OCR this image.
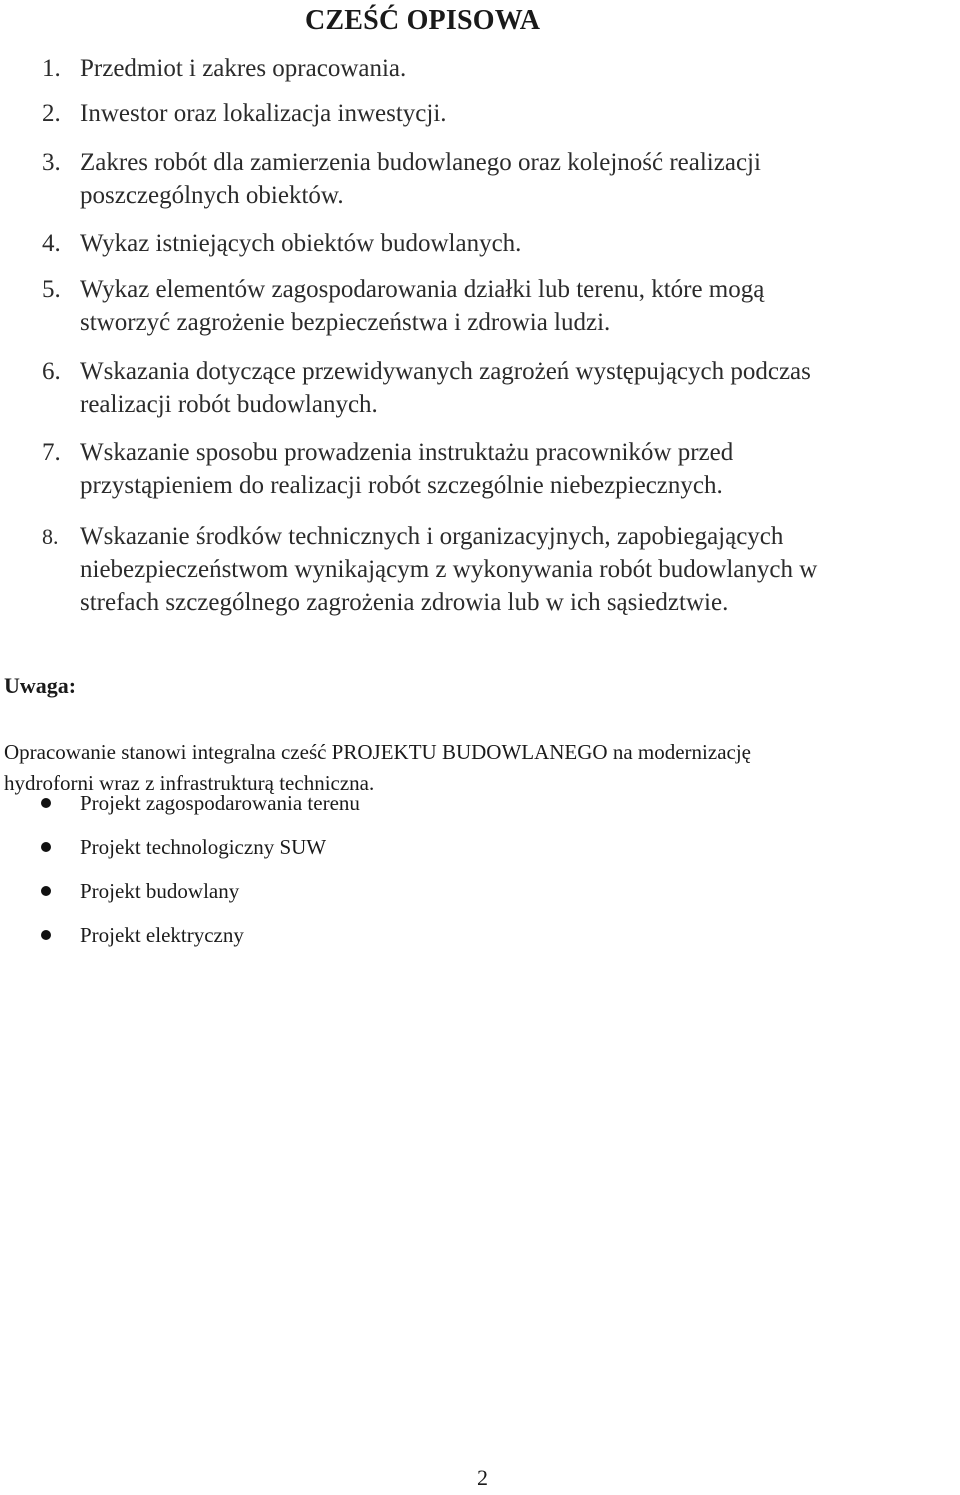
CZEŚĆ OPISOWA
1. Przedmiot i zakres opracowania.
2. Inwestor oraz lokalizacja inwestycji.
3. Zakres robót dla zamierzenia budowlanego oraz kolejność realizacji
poszczególnych obiektów.
4. Wykaz istniejących obiektów budowlanych.
5. Wykaz elementów zagospodarowania działki lub terenu, które mogą
stworzyć zagrożenie bezpieczeństwa i zdrowia ludzi.
6. Wskazania dotyczące przewidywanych zagrożeń występujących podczas
realizacji robót budowlanych.
7. Wskazanie sposobu prowadzenia instruktażu pracowników przed
przystąpieniem do realizacji robót szczególnie niebezpiecznych.
8. Wskazanie środków technicznych i organizacyjnych, zapobiegających
niebezpieczeństwom wynikającym z wykonywania robót budowlanych w
strefach szczególnego zagrożenia zdrowia lub w ich sąsiedztwie.
Uwaga:

Opracowanie stanowi integralna cześć PROJEKTU BUDOWLANEGO na modernizację
hydroforni wraz z infrastrukturą techniczna.

Projekt zagospodarowania terenu
Projekt technologiczny SUW
Projekt budowlany
Projekt elektryczny
2
